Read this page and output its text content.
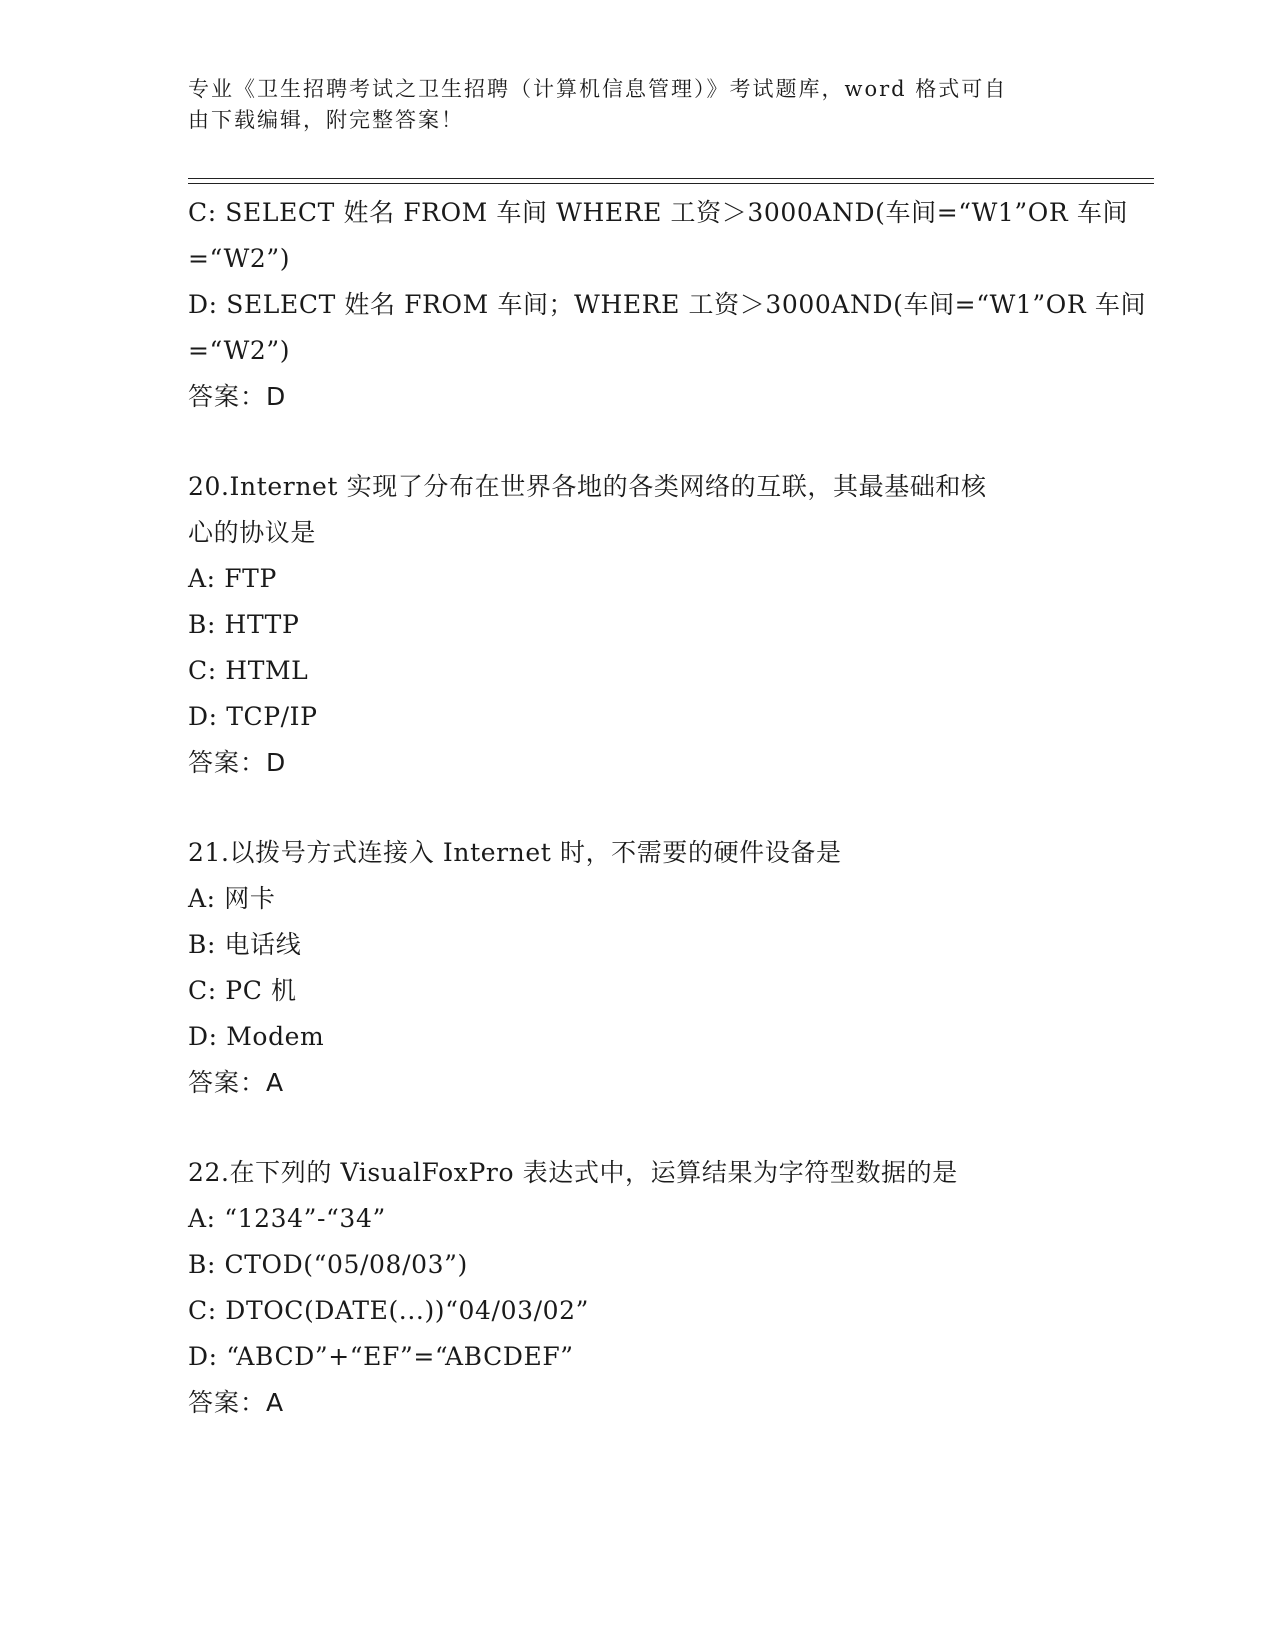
专业《卫生招聘考试之卫生招聘（计算机信息管理）》考试题库，word 格式可自
由下载编辑，附完整答案！
C: SELECT 姓名 FROM 车间 WHERE 工资＞3000AND(车间=“W1”OR 车间
=“W2”)
D: SELECT 姓名 FROM 车间；WHERE 工资＞3000AND(车间=“W1”OR 车间
=“W2”)
答案：D
20.Internet 实现了分布在世界各地的各类网络的互联，其最基础和核
心的协议是
A: FTP
B: HTTP
C: HTML
D: TCP/IP
答案：D
21.以拨号方式连接入 Internet 时，不需要的硬件设备是
A: 网卡
B: 电话线
C: PC 机
D: Modem
答案：A
22.在下列的 VisualFoxPro 表达式中，运算结果为字符型数据的是
A: “1234”-“34”
B: CTOD(“05/08/03”)
C: DTOC(DATE(...))“04/03/02”
D: “ABCD”+“EF”=“ABCDEF”
答案：A
